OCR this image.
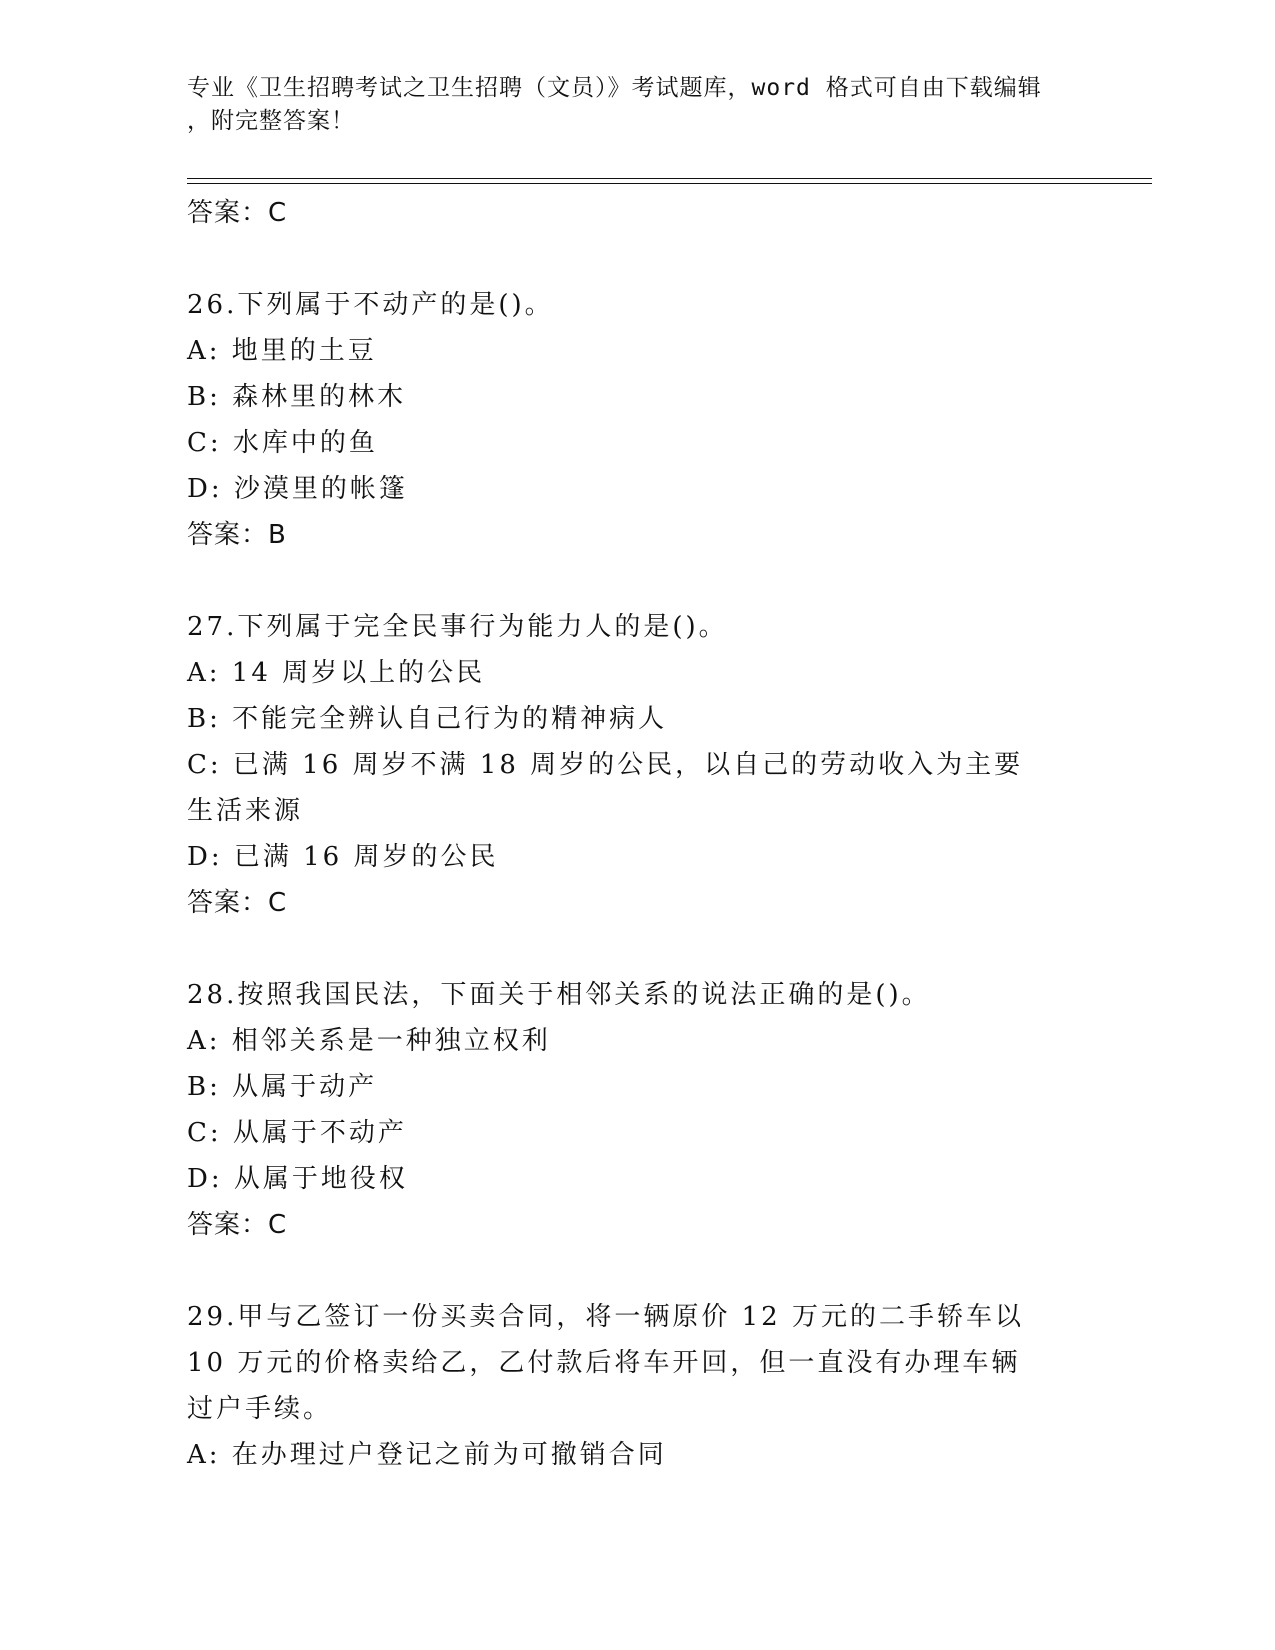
专业《卫生招聘考试之卫生招聘（文员）》考试题库，word 格式可自由下载编辑
，附完整答案！
答案：C
26.下列属于不动产的是()。
A: 地里的土豆
B: 森林里的林木
C: 水库中的鱼
D: 沙漠里的帐篷
答案：B
27.下列属于完全民事行为能力人的是()。
A: 14 周岁以上的公民
B: 不能完全辨认自己行为的精神病人
C: 已满 16 周岁不满 18 周岁的公民，以自己的劳动收入为主要生活来源
D: 已满 16 周岁的公民
答案：C
28.按照我国民法，下面关于相邻关系的说法正确的是()。
A: 相邻关系是一种独立权利
B: 从属于动产
C: 从属于不动产
D: 从属于地役权
答案：C
29.甲与乙签订一份买卖合同，将一辆原价 12 万元的二手轿车以 10 万元的价格卖给乙，乙付款后将车开回，但一直没有办理车辆过户手续。
A: 在办理过户登记之前为可撤销合同
